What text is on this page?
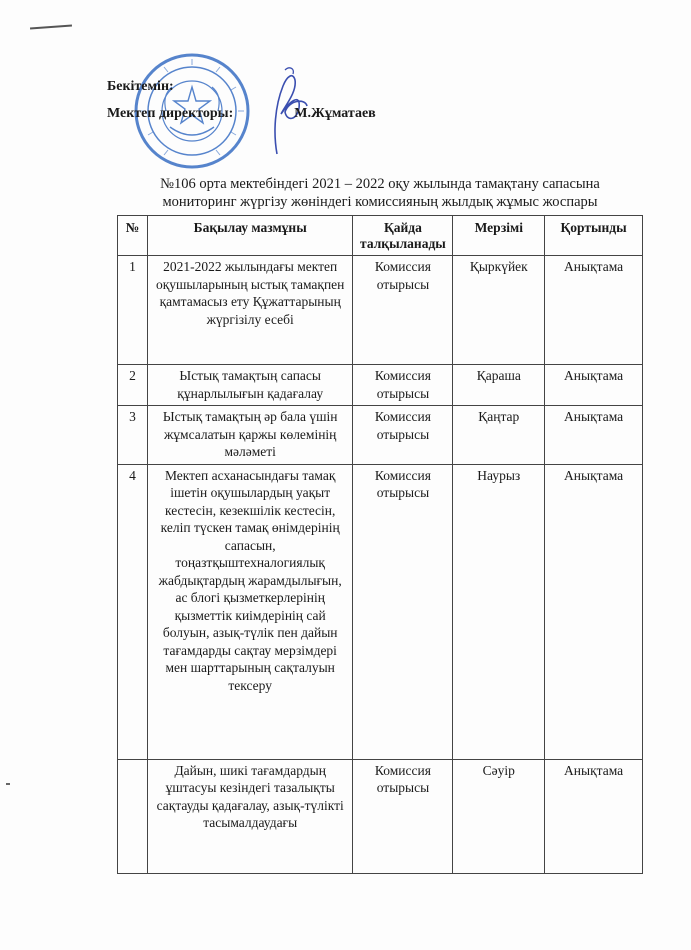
Бекітемін:
Мектеп директоры:	М.Жұматаев
№106 орта мектебіндегі 2021 – 2022 оқу жылында тамақтану сапасына
мониторинг жүргізу жөніндегі комиссияның жылдық жұмыс жоспары
№	Бақылау мазмұны	Қайда талқыланады	Мерзімі	Қортынды
1	2021-2022 жылындағы мектеп оқушыларының ыстық тамақпен қамтамасыз ету Құжаттарының жүргізілу есебі	Комиссия отырысы	Қыркүйек	Анықтама
2	Ыстық тамақтың сапасы құнарлылығын қадағалау	Комиссия отырысы	Қараша	Анықтама
3	Ыстық тамақтың әр бала үшін жұмсалатын қаржы көлемінің мәләметі	Комиссия отырысы	Қаңтар	Анықтама
4	Мектеп асханасындағы тамақ ішетін оқушылардың уақыт кестесін, кезекшілік кестесін, келіп түскен тамақ өнімдерінің сапасын, тоңазтқыштехналогиялық жабдықтардың жарамдылығын, ас блогі қызметкерлерінің қызметтік киімдерінің сай болуын, азық-түлік пен дайын тағамдарды сақтау мерзімдері мен шарттарының сақталуын тексеру	Комиссия отырысы	Наурыз	Анықтама
	Дайын, шикі тағамдардың ұштасуы кезіндегі тазалықты сақтауды қадағалау, азық-түлікті тасымалдаудағы	Комиссия отырысы	Сәуір	Анықтама
